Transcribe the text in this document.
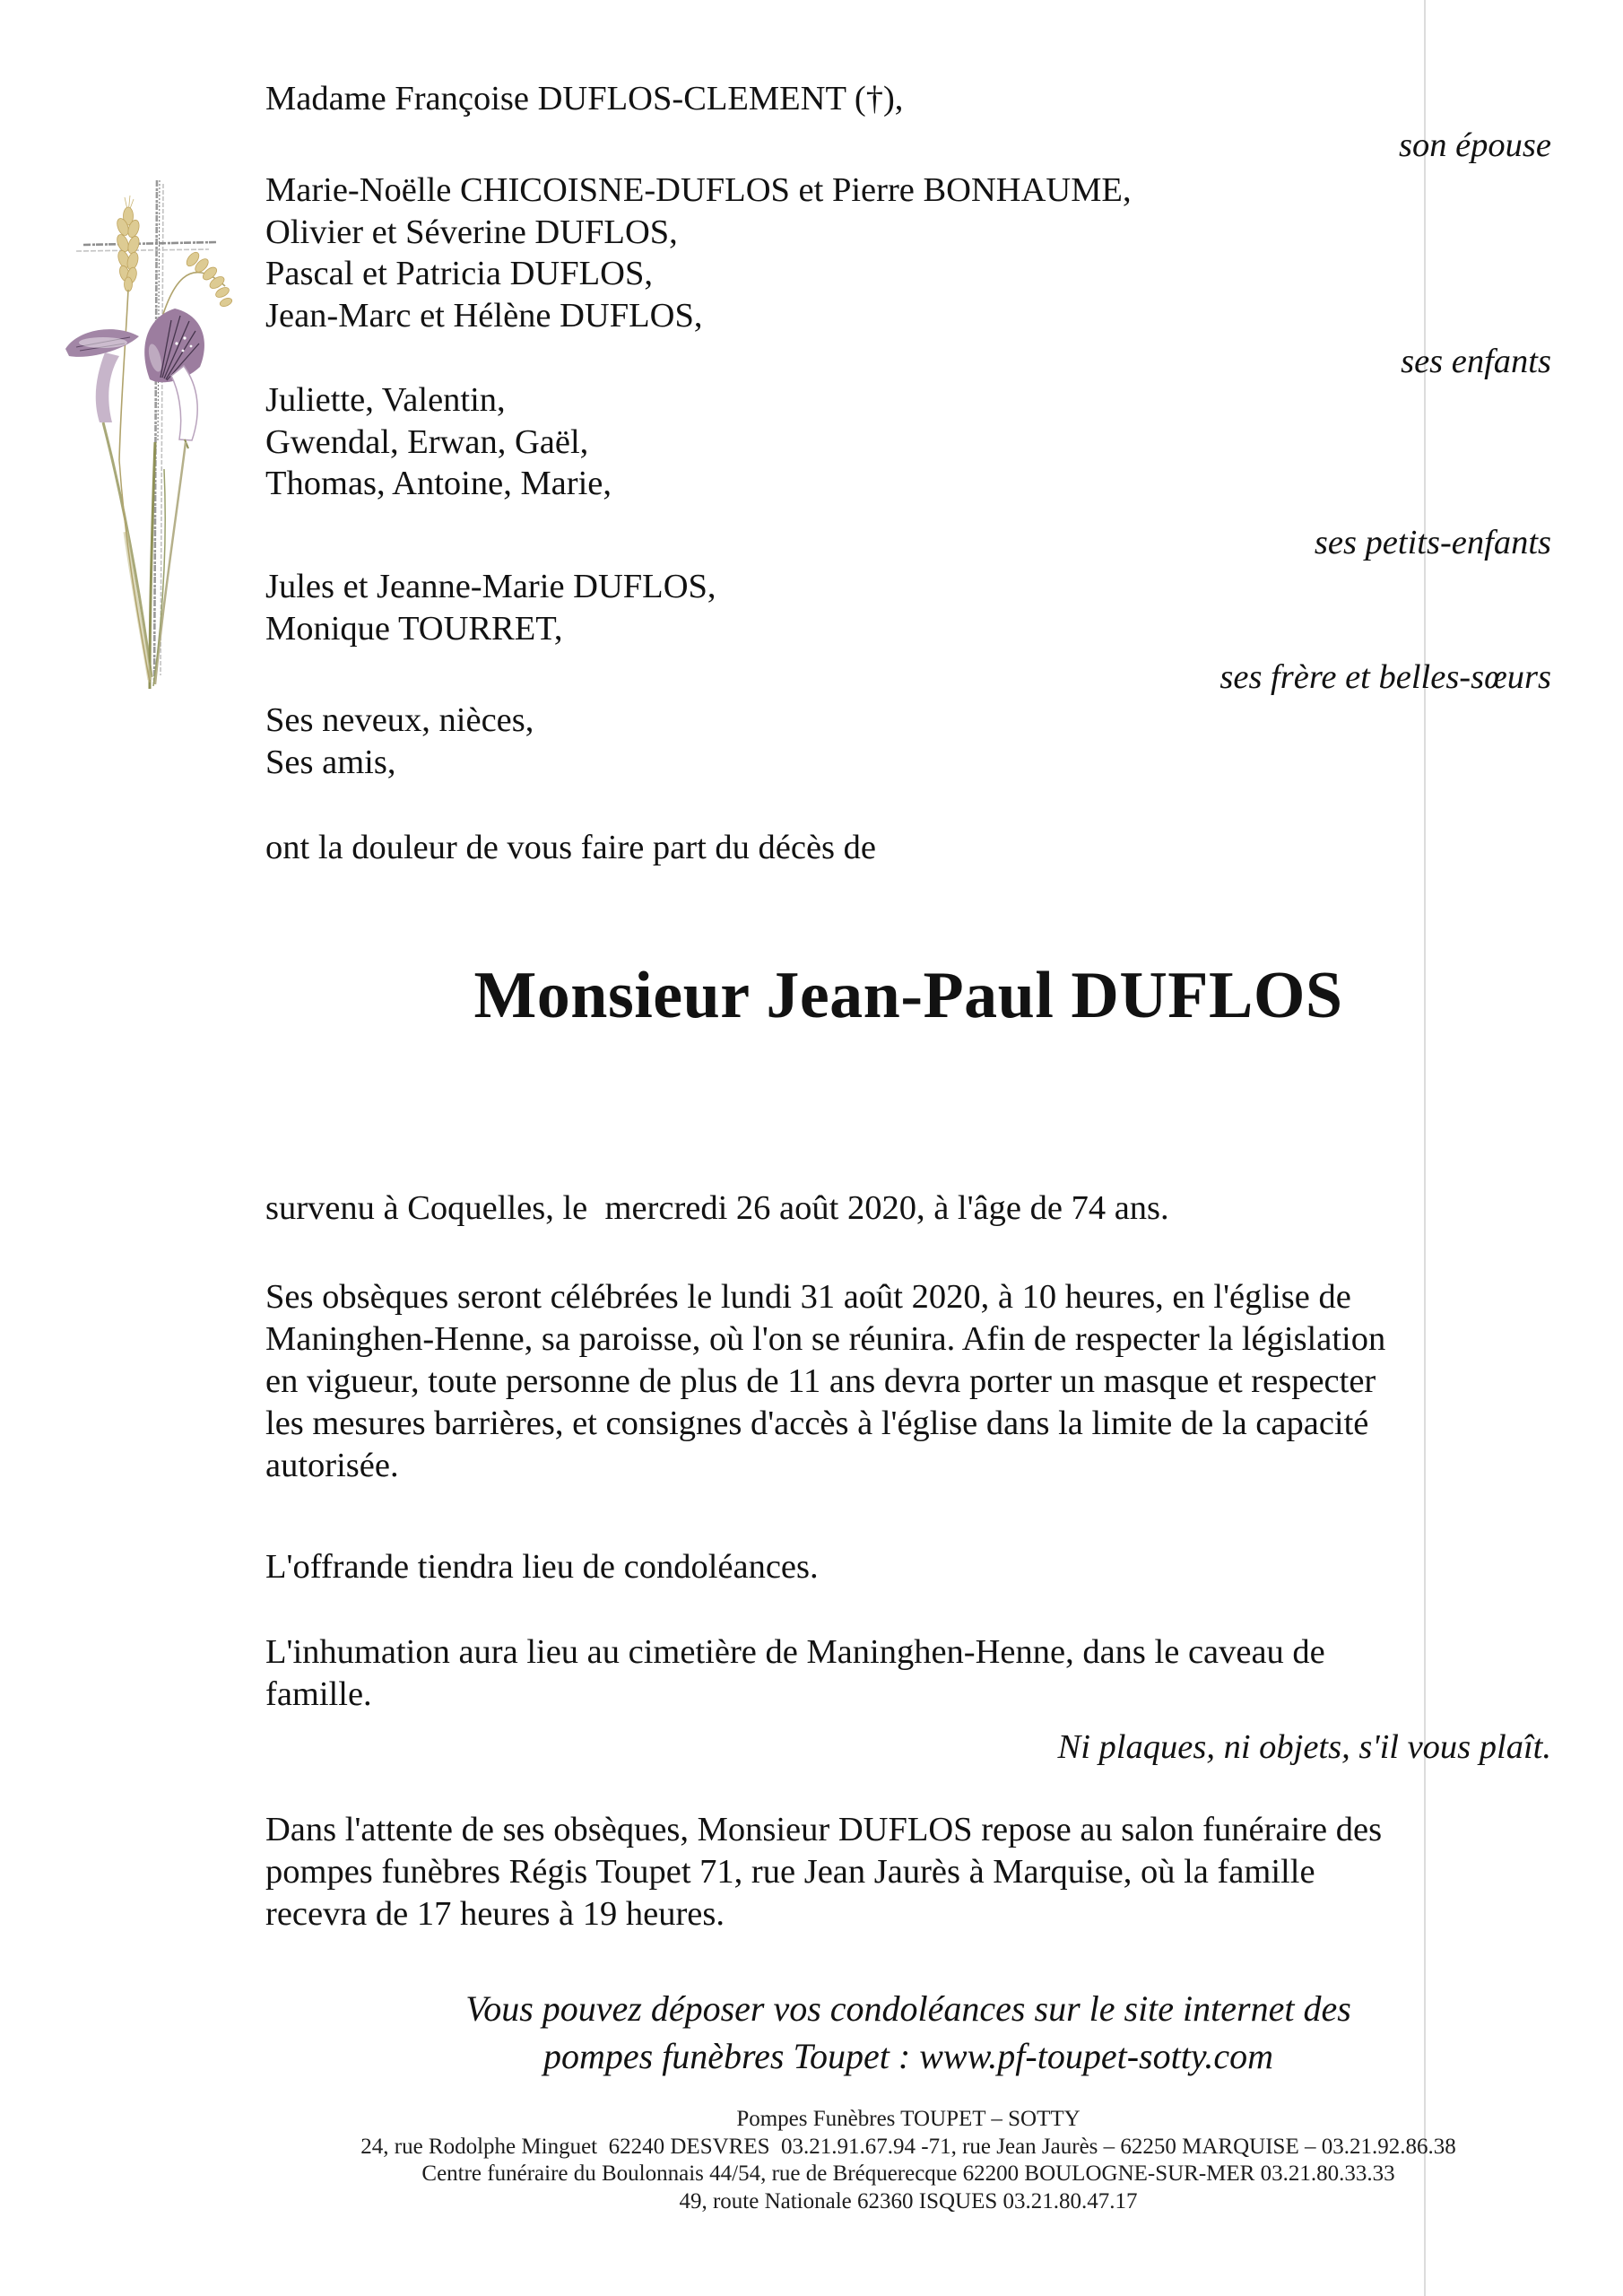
Madame Françoise DUFLOS-CLEMENT (†),
son épouse
Marie-Noëlle CHICOISNE-DUFLOS et Pierre BONHAUME,
Olivier et Séverine DUFLOS,
Pascal et Patricia DUFLOS,
Jean-Marc et Hélène DUFLOS,
ses enfants
Juliette, Valentin,
Gwendal, Erwan, Gaël,
Thomas, Antoine, Marie,
ses petits-enfants
Jules et Jeanne-Marie DUFLOS,
Monique TOURRET,
ses frère et belles-sœurs
Ses neveux, nièces,
Ses amis,
ont la douleur de vous faire part du décès de
Monsieur Jean-Paul DUFLOS
survenu à Coquelles, le  mercredi 26 août 2020, à l'âge de 74 ans.
Ses obsèques seront célébrées le lundi 31 août 2020, à 10 heures, en l'église de
Maninghen-Henne, sa paroisse, où l'on se réunira. Afin de respecter la législation
en vigueur, toute personne de plus de 11 ans devra porter un masque et respecter
les mesures barrières, et consignes d'accès à l'église dans la limite de la capacité
autorisée.
L'offrande tiendra lieu de condoléances.
L'inhumation aura lieu au cimetière de Maninghen-Henne, dans le caveau de
famille.
Ni plaques, ni objets, s'il vous plaît.
Dans l'attente de ses obsèques, Monsieur DUFLOS repose au salon funéraire des
pompes funèbres Régis Toupet 71, rue Jean Jaurès à Marquise, où la famille
recevra de 17 heures à 19 heures.
Vous pouvez déposer vos condoléances sur le site internet des
pompes funèbres Toupet : www.pf-toupet-sotty.com
Pompes Funèbres TOUPET – SOTTY
24, rue Rodolphe Minguet  62240 DESVRES  03.21.91.67.94 -71, rue Jean Jaurès – 62250 MARQUISE – 03.21.92.86.38
Centre funéraire du Boulonnais 44/54, rue de Bréquerecque 62200 BOULOGNE-SUR-MER 03.21.80.33.33
49, route Nationale 62360 ISQUES 03.21.80.47.17
